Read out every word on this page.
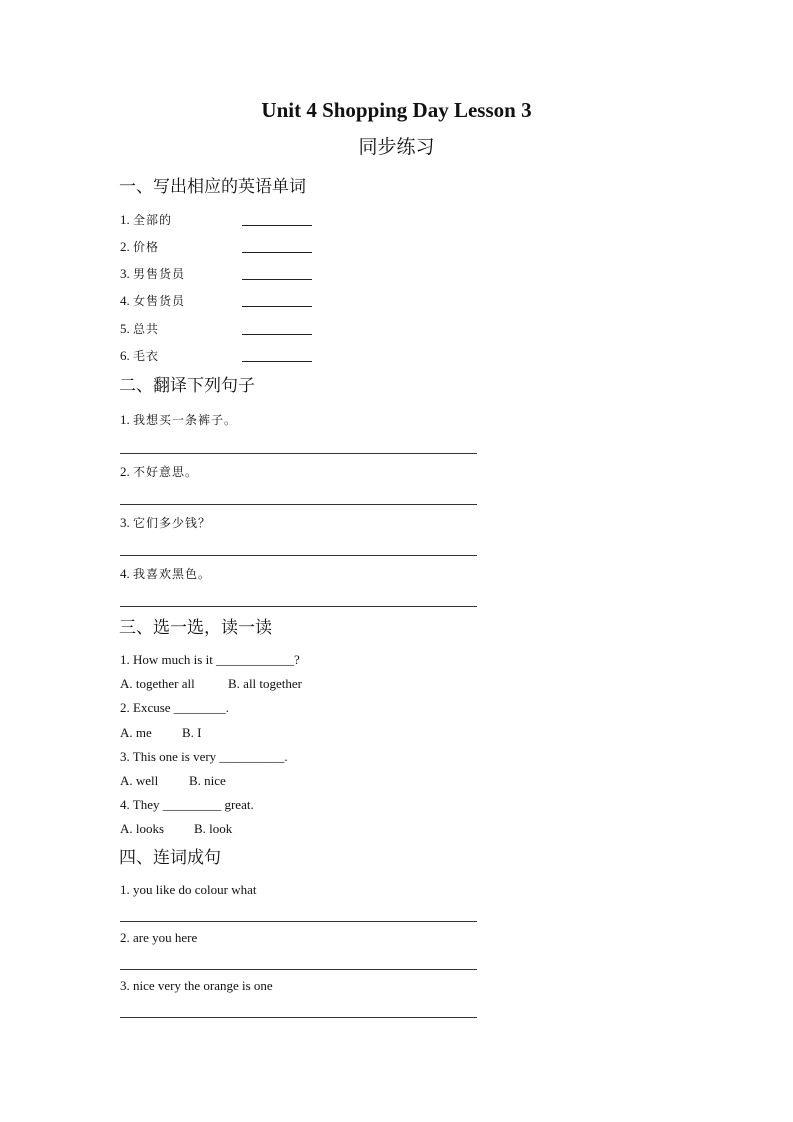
Unit 4 Shopping Day Lesson 3
同步练习
一、写出相应的英语单词
1. 全部的
2. 价格
3. 男售货员
4. 女售货员
5. 总共
6. 毛衣
二、翻译下列句子
1. 我想买一条裤子。
2. 不好意思。
3. 它们多少钱？
4. 我喜欢黑色。
三、选一选，读一读
1. How much is it ____________?
A. together all	B. all together
2. Excuse ________.
A. me B. I
3. This one is very __________.
A. well B. nice
4. They _________ great.
A. looks B. look
四、连词成句
1. you like do colour what
2. are you here
3. nice very the orange is one
